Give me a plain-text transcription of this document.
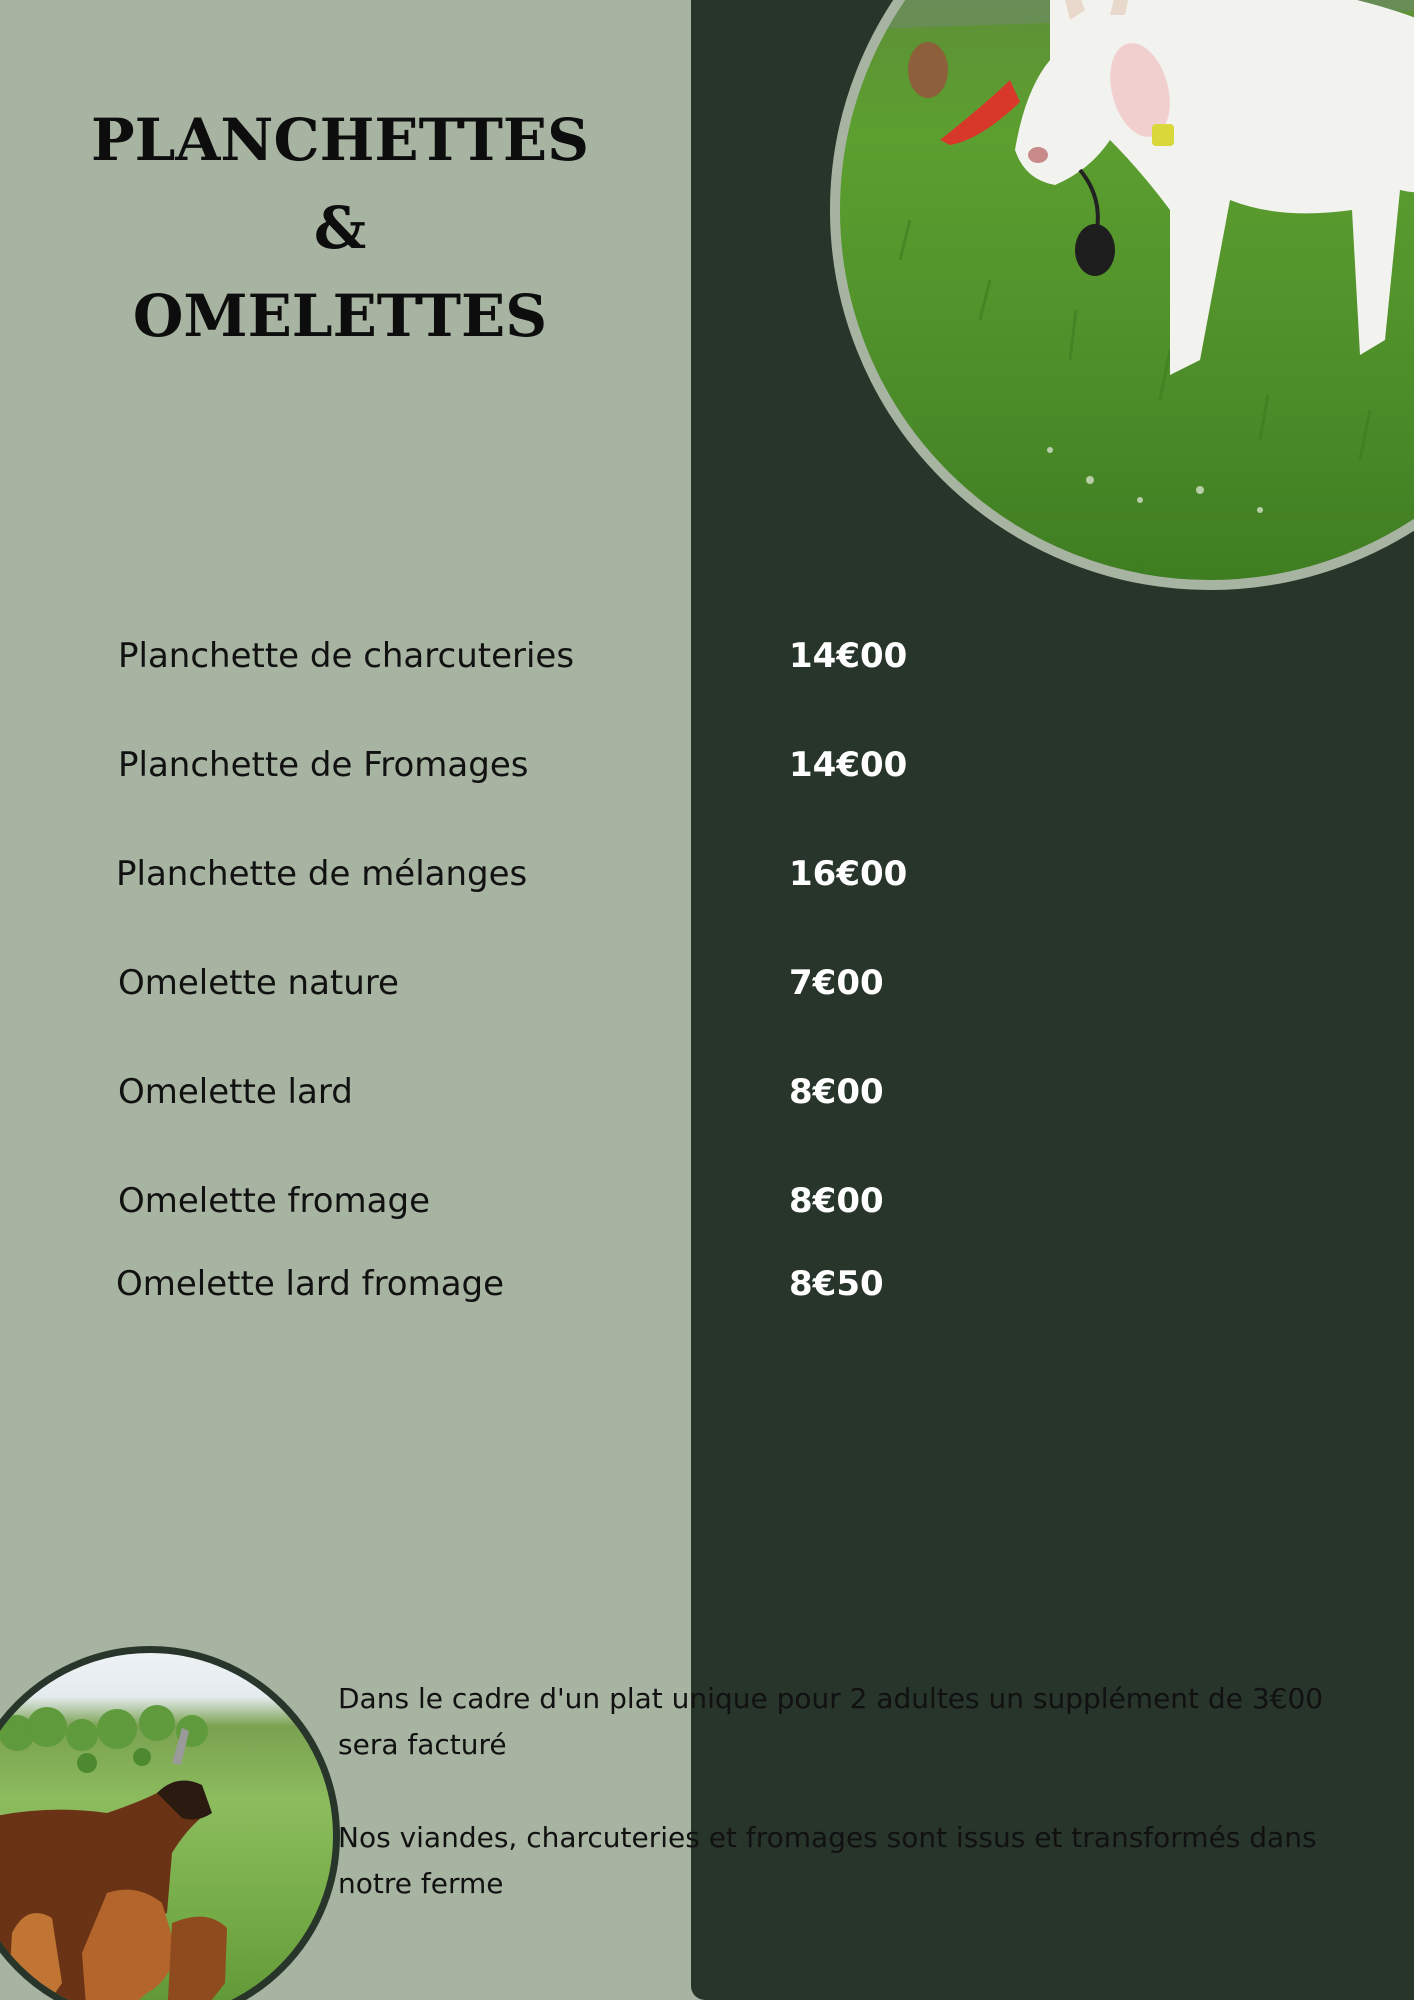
PLANCHETTES
&
OMELETTES
Planchette de charcuteries	14€00
Planchette de Fromages	14€00
Planchette de mélanges	16€00
Omelette nature	7€00
Omelette lard	8€00
Omelette fromage	8€00
Omelette lard fromage	8€50

Dans le cadre d'un plat unique pour 2 adultes un supplément de 3€00 sera facturé

Nos viandes, charcuteries et fromages sont issus et transformés dans notre ferme
